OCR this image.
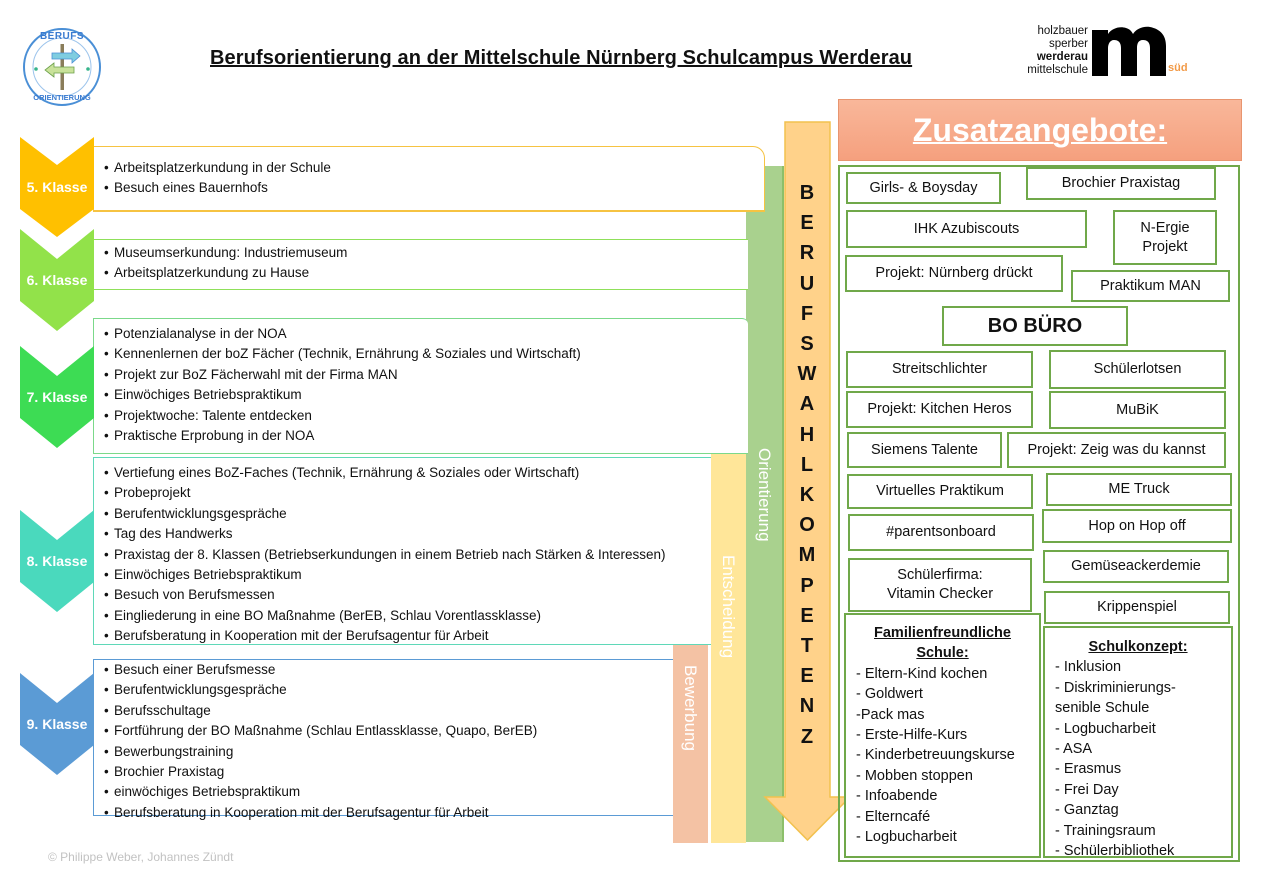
BERUFS
ORIENTIERUNG
Berufsorientierung an der Mittelschule Nürnberg Schulcampus Werderau
holzbauer
sperber
werderau
mittelschule	süd
Orientierung
Entscheidung
Bewerbung
B
E
R
U
F
S
W
A
H
L
K
O
M
P
E
T
E
N
Z
• Arbeitsplatzerkundung in der Schule
• Besuch eines Bauernhofs
• Museumserkundung: Industriemuseum
• Arbeitsplatzerkundung zu Hause
• Potenzialanalyse in der NOA
• Kennenlernen der boZ Fächer (Technik, Ernährung & Soziales und Wirtschaft)
• Projekt zur BoZ Fächerwahl mit der Firma MAN
• Einwöchiges Betriebspraktikum
• Projektwoche: Talente entdecken
• Praktische Erprobung in der NOA
• Vertiefung eines BoZ-Faches (Technik, Ernährung & Soziales oder Wirtschaft)
• Probeprojekt
• Berufentwicklungsgespräche
• Tag des Handwerks
• Praxistag der 8. Klassen (Betriebserkundungen in einem Betrieb nach Stärken & Interessen)
• Einwöchiges Betriebspraktikum
• Besuch von Berufsmessen
• Eingliederung in eine BO Maßnahme (BerEB, Schlau Vorentlassklasse)
• Berufsberatung in Kooperation mit der Berufsagentur für Arbeit
• Besuch einer Berufsmesse
• Berufentwicklungsgespräche
• Berufsschultage
• Fortführung der BO Maßnahme (Schlau Entlassklasse, Quapo, BerEB)
• Bewerbungstraining
• Brochier Praxistag
• einwöchiges Betriebspraktikum
• Berufsberatung in Kooperation mit der Berufsagentur für Arbeit
5. Klasse
6. Klasse
7. Klasse
8. Klasse
9. Klasse
Zusatzangebote:
Girls- & Boysday	Brochier Praxistag
IHK Azubiscouts	N-Ergie
Projekt
Projekt: Nürnberg drückt
Praktikum MAN
BO BÜRO
Streitschlichter	Schülerlotsen
Projekt: Kitchen Heros	MuBiK
Siemens Talente	Projekt: Zeig was du kannst
Virtuelles Praktikum	ME Truck
#parentsonboard	Hop on Hop off
Schülerfirma:
Vitamin Checker
Gemüseackerdemie
Krippenspiel
Familienfreundliche
Schule:
- Eltern-Kind kochen
- Goldwert
-Pack mas
- Erste-Hilfe-Kurs
- Kinderbetreuungskurse
- Mobben stoppen
- Infoabende
- Elterncafé
- Logbucharbeit
Schulkonzept:
- Inklusion
- Diskriminierungs-
senible Schule
- Logbucharbeit
- ASA
- Erasmus
- Frei Day
- Ganztag
- Trainingsraum
- Schülerbibliothek
© Philippe Weber, Johannes Zündt
